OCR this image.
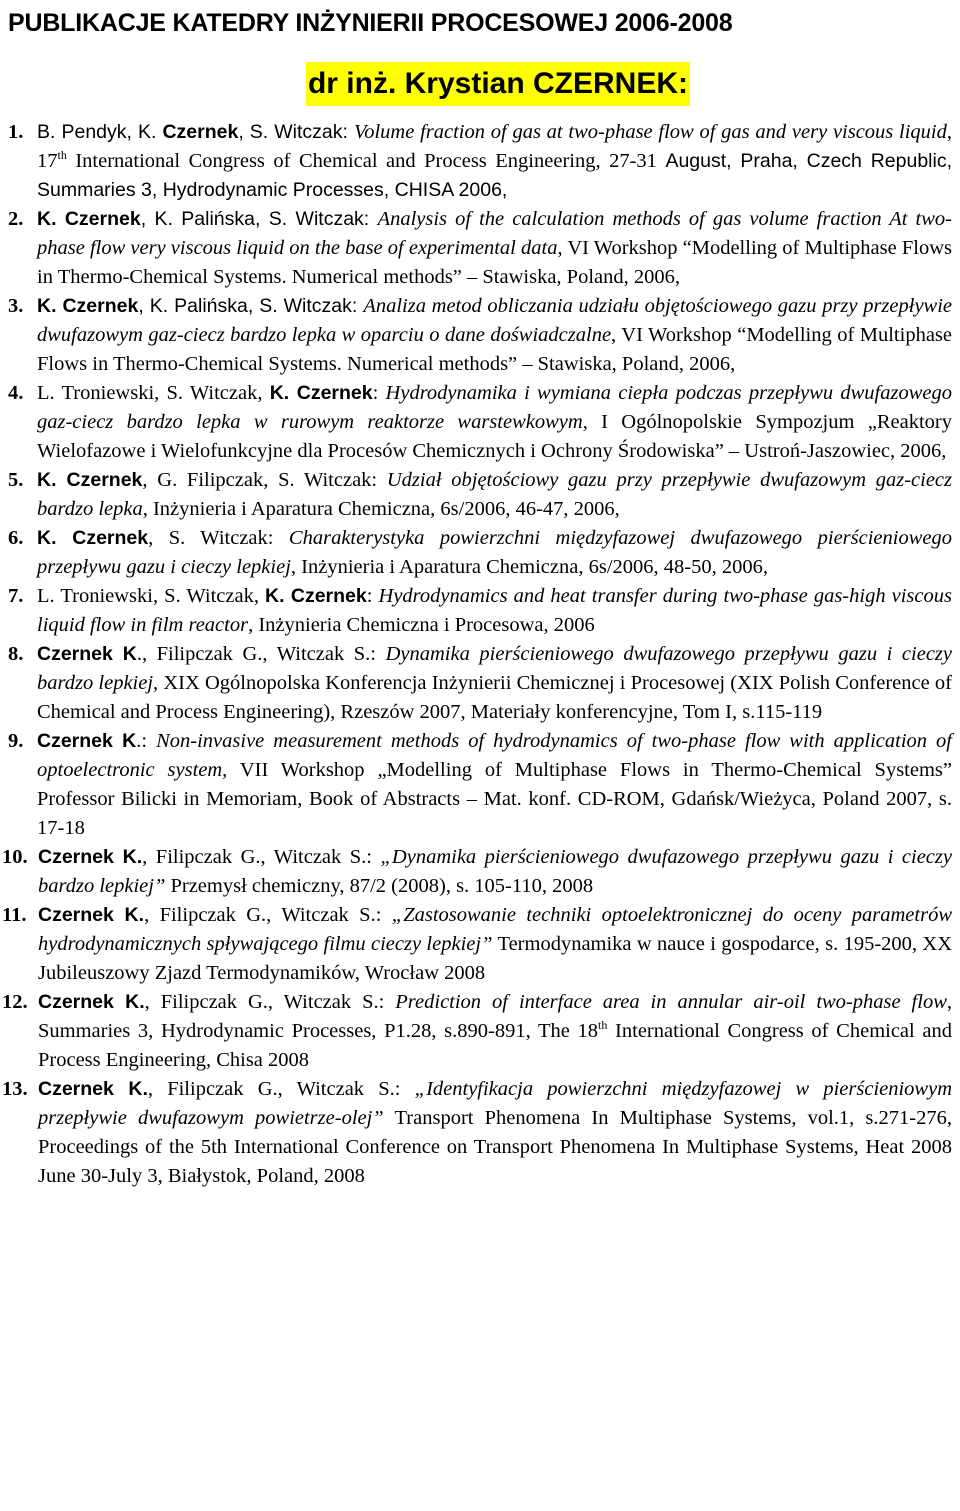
PUBLIKACJE KATEDRY INŻYNIERII PROCESOWEJ 2006-2008
dr inż. Krystian CZERNEK:
1. B. Pendyk, K. Czernek, S. Witczak: Volume fraction of gas at two-phase flow of gas and very viscous liquid, 17th International Congress of Chemical and Process Engineering, 27-31 August, Praha, Czech Republic, Summaries 3, Hydrodynamic Processes, CHISA 2006,
2. K. Czernek, K. Palińska, S. Witczak: Analysis of the calculation methods of gas volume fraction At two-phase flow very viscous liquid on the base of experimental data, VI Workshop “Modelling of Multiphase Flows in Thermo-Chemical Systems. Numerical methods” – Stawiska, Poland, 2006,
3. K. Czernek, K. Palińska, S. Witczak: Analiza metod obliczania udziału objętościowego gazu przy przepływie dwufazowym gaz-ciecz bardzo lepka w oparciu o dane doświadczalne, VI Workshop “Modelling of Multiphase Flows in Thermo-Chemical Systems. Numerical methods” – Stawiska, Poland, 2006,
4. L. Troniewski, S. Witczak, K. Czernek: Hydrodynamika i wymiana ciepła podczas przepływu dwufazowego gaz-ciecz bardzo lepka w rurowym reaktorze warstewkowym, I Ogólnopolskie Sympozjum „Reaktory Wielofazowe i Wielofunkcyjne dla Procesów Chemicznych i Ochrony Środowiska” – Ustroń-Jaszowiec, 2006,
5. K. Czernek, G. Filipczak, S. Witczak: Udział objętościowy gazu przy przepływie dwufazowym gaz-ciecz bardzo lepka, Inżynieria i Aparatura Chemiczna, 6s/2006, 46-47, 2006,
6. K. Czernek, S. Witczak: Charakterystyka powierzchni międzyfazowej dwufazowego pierścieniowego przepływu gazu i cieczy lepkiej, Inżynieria i Aparatura Chemiczna, 6s/2006, 48-50, 2006,
7. L. Troniewski, S. Witczak, K. Czernek: Hydrodynamics and heat transfer during two-phase gas-high viscous liquid flow in film reactor, Inżynieria Chemiczna i Procesowa, 2006
8. Czernek K., Filipczak G., Witczak S.: Dynamika pierścieniowego dwufazowego przepływu gazu i cieczy bardzo lepkiej, XIX Ogólnopolska Konferencja Inżynierii Chemicznej i Procesowej (XIX Polish Conference of Chemical and Process Engineering), Rzeszów 2007, Materiały konferencyjne, Tom I, s.115-119
9. Czernek K.: Non-invasive measurement methods of hydrodynamics of two-phase flow with application of optoelectronic system, VII Workshop „Modelling of Multiphase Flows in Thermo-Chemical Systems” Professor Bilicki in Memoriam, Book of Abstracts – Mat. konf. CD-ROM, Gdańsk/Wieżyca, Poland 2007, s. 17-18
10. Czernek K., Filipczak G., Witczak S.: „Dynamika pierścieniowego dwufazowego przepływu gazu i cieczy bardzo lepkiej” Przemysł chemiczny, 87/2 (2008), s. 105-110, 2008
11. Czernek K., Filipczak G., Witczak S.: „Zastosowanie techniki optoelektronicznej do oceny parametrów hydrodynamicznych spływającego filmu cieczy lepkiej” Termodynamika w nauce i gospodarce, s. 195-200, XX Jubileuszowy Zjazd Termodynamików, Wrocław 2008
12. Czernek K., Filipczak G., Witczak S.: Prediction of interface area in annular air-oil two-phase flow, Summaries 3, Hydrodynamic Processes, P1.28, s.890-891, The 18th International Congress of Chemical and Process Engineering, Chisa 2008
13. Czernek K., Filipczak G., Witczak S.: „Identyfikacja powierzchni międzyfazowej w pierścieniowym przepływie dwufazowym powietrze-olej” Transport Phenomena In Multiphase Systems, vol.1, s.271-276, Proceedings of the 5th International Conference on Transport Phenomena In Multiphase Systems, Heat 2008 June 30-July 3, Białystok, Poland, 2008
